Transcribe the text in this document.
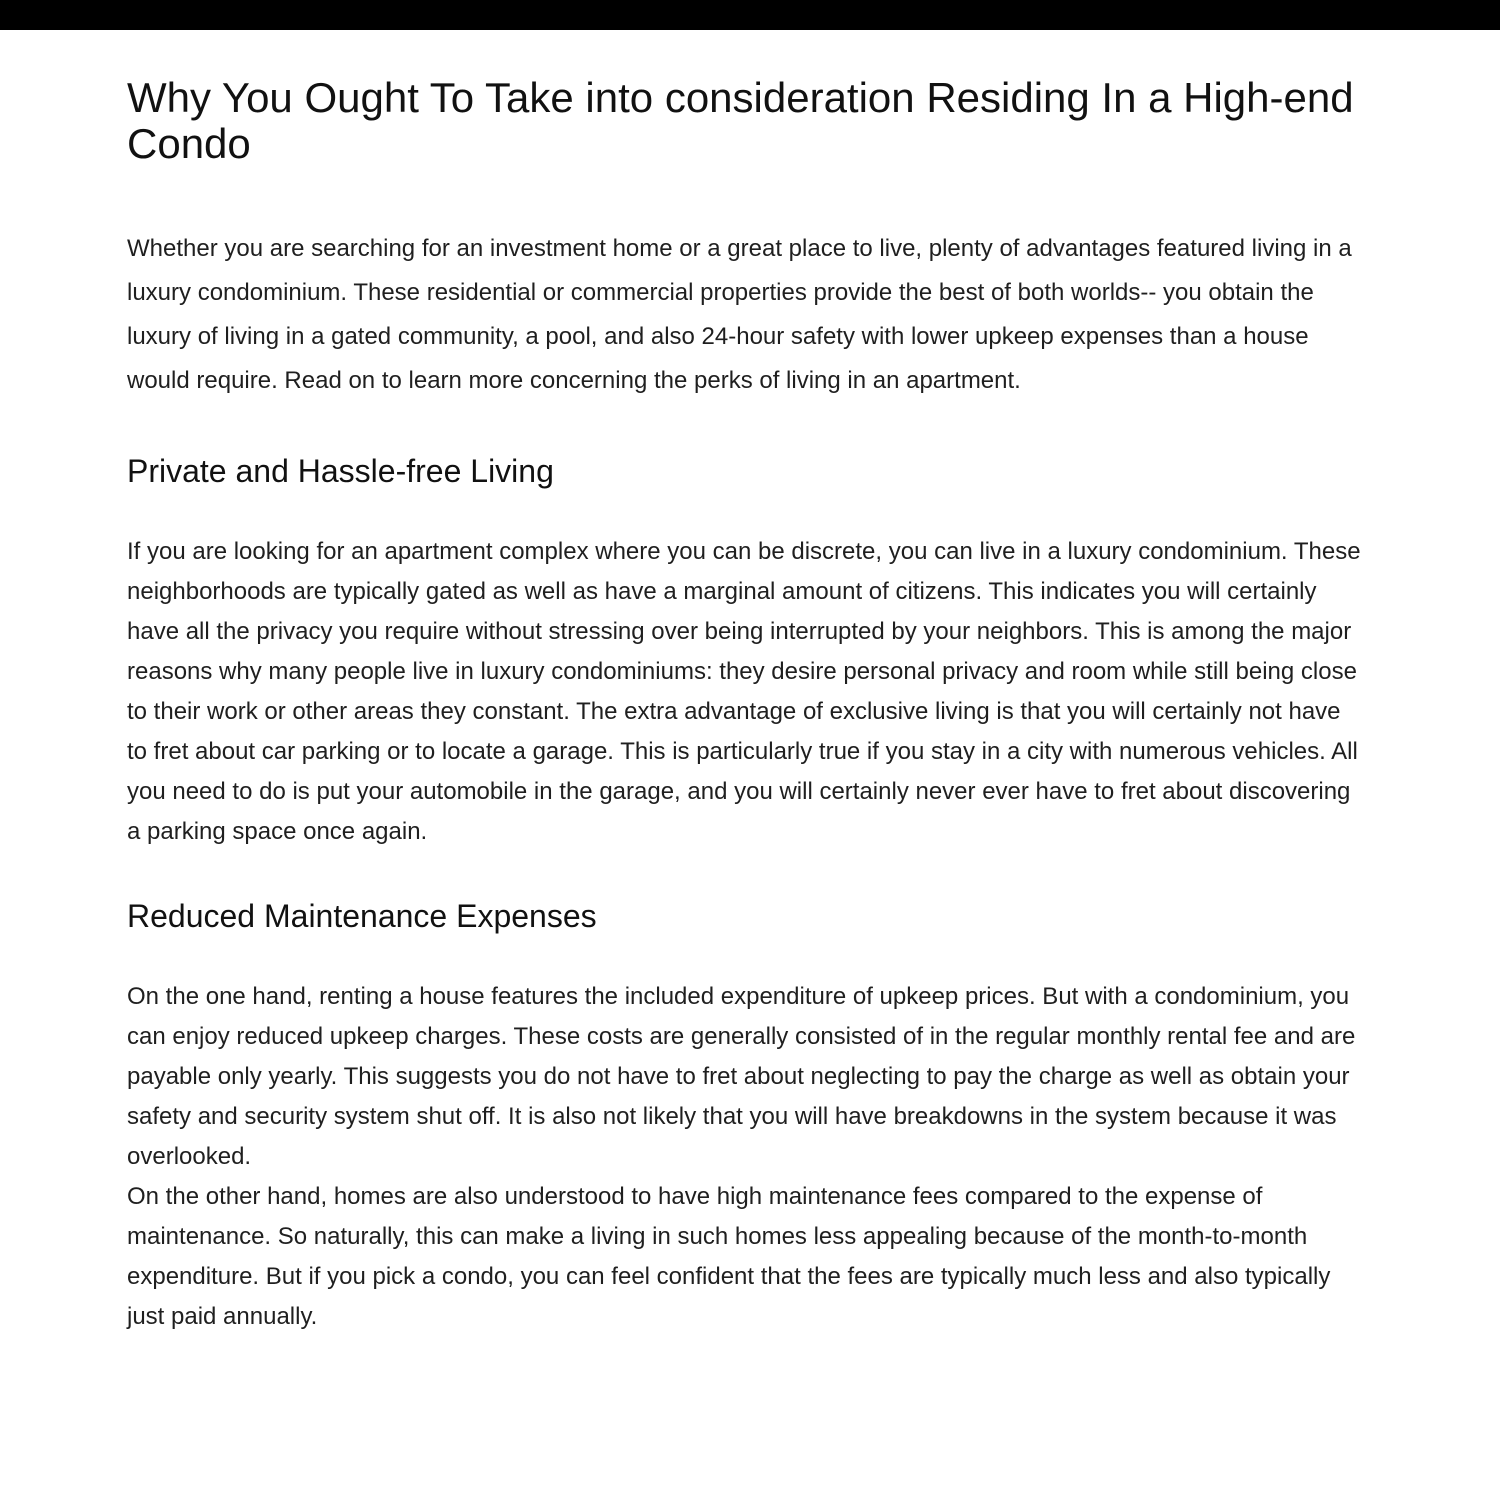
Why You Ought To Take into consideration Residing In a High-end Condo

Whether you are searching for an investment home or a great place to live, plenty of advantages featured living in a luxury condominium. These residential or commercial properties provide the best of both worlds-- you obtain the luxury of living in a gated community, a pool, and also 24-hour safety with lower upkeep expenses than a house would require. Read on to learn more concerning the perks of living in an apartment.

Private and Hassle-free Living

If you are looking for an apartment complex where you can be discrete, you can live in a luxury condominium. These neighborhoods are typically gated as well as have a marginal amount of citizens. This indicates you will certainly have all the privacy you require without stressing over being interrupted by your neighbors. This is among the major reasons why many people live in luxury condominiums: they desire personal privacy and room while still being close to their work or other areas they constant. The extra advantage of exclusive living is that you will certainly not have to fret about car parking or to locate a garage. This is particularly true if you stay in a city with numerous vehicles. All you need to do is put your automobile in the garage, and you will certainly never ever have to fret about discovering a parking space once again.

Reduced Maintenance Expenses

On the one hand, renting a house features the included expenditure of upkeep prices. But with a condominium, you can enjoy reduced upkeep charges. These costs are generally consisted of in the regular monthly rental fee and are payable only yearly. This suggests you do not have to fret about neglecting to pay the charge as well as obtain your safety and security system shut off. It is also not likely that you will have breakdowns in the system because it was overlooked.

On the other hand, homes are also understood to have high maintenance fees compared to the expense of maintenance. So naturally, this can make a living in such homes less appealing because of the month-to-month expenditure. But if you pick a condo, you can feel confident that the fees are typically much less and also typically just paid annually.
